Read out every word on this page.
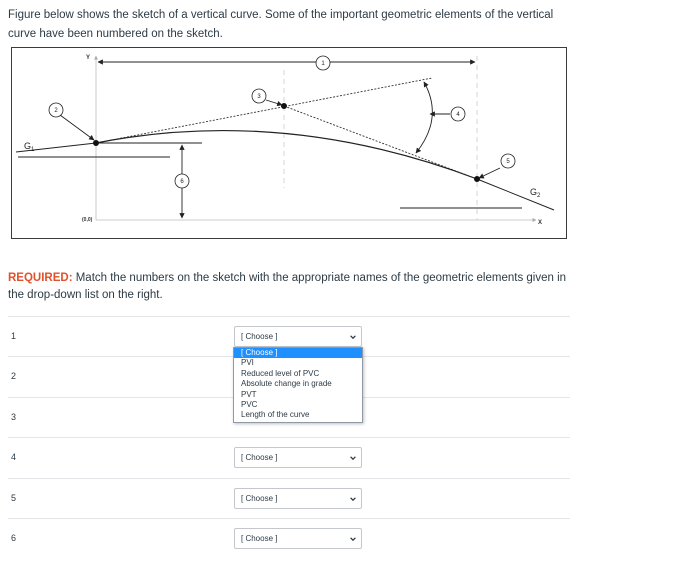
Figure below shows the sketch of a vertical curve. Some of the important geometric elements of the vertical curve have been numbered on the sketch.
Y
X
(0,0)
$G_1$
$G_2$
1
2
3
4
5
6
REQUIRED: Match the numbers on the sketch with the appropriate names of the geometric elements given in the drop-down list on the right.
1	[ Choose ]
2
3
4	[ Choose ]
5	[ Choose ]
6	[ Choose ]
[ Choose ]
PVI
Reduced level of PVC
Absolute change in grade
PVT
PVC
Length of the curve
